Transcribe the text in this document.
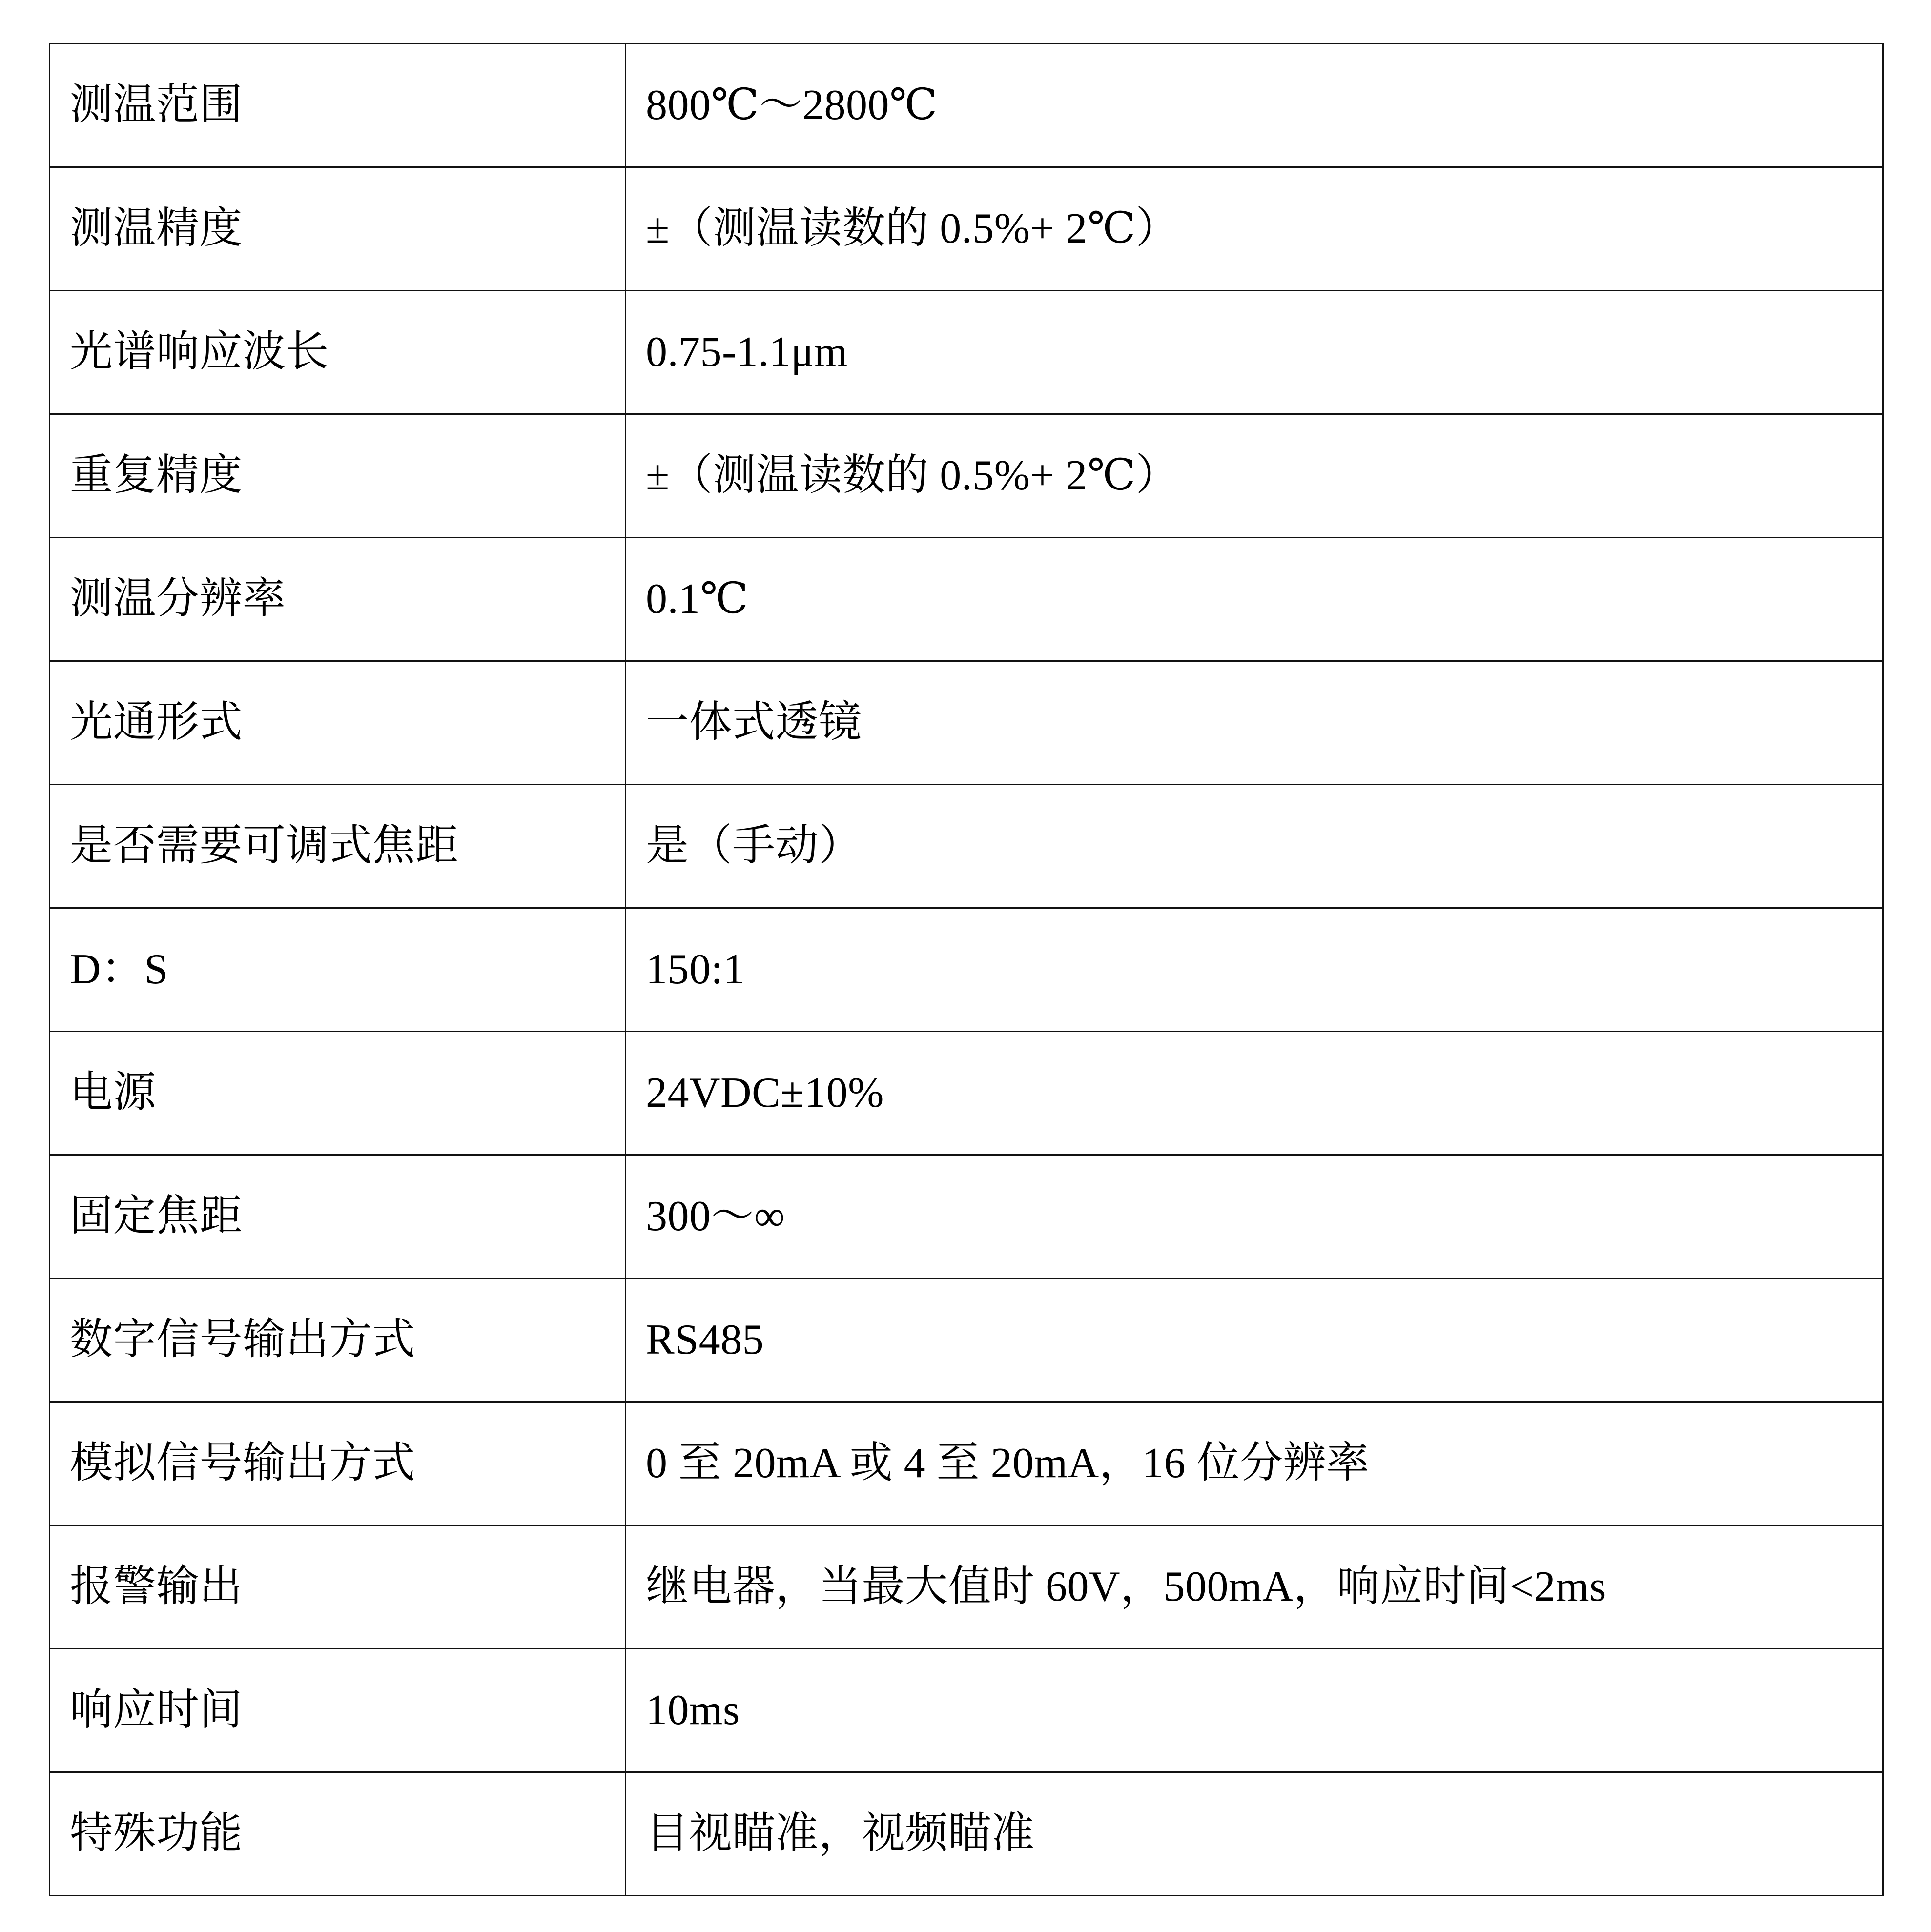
测温范围	800℃～2800℃
测温精度	±（测温读数的 0.5%+ 2℃）
光谱响应波长	0.75-1.1μm
重复精度	±（测温读数的 0.5%+ 2℃）
测温分辨率	0.1℃
光通形式	一体式透镜
是否需要可调式焦距	是（手动）
D：S	150:1
电源	24VDC±10%
固定焦距	300～∞
数字信号输出方式	RS485
模拟信号输出方式	0 至 20mA 或 4 至 20mA，16 位分辨率
报警输出	继电器，当最大值时 60V，500mA，响应时间<2ms
响应时间	10ms
特殊功能	目视瞄准，视频瞄准
